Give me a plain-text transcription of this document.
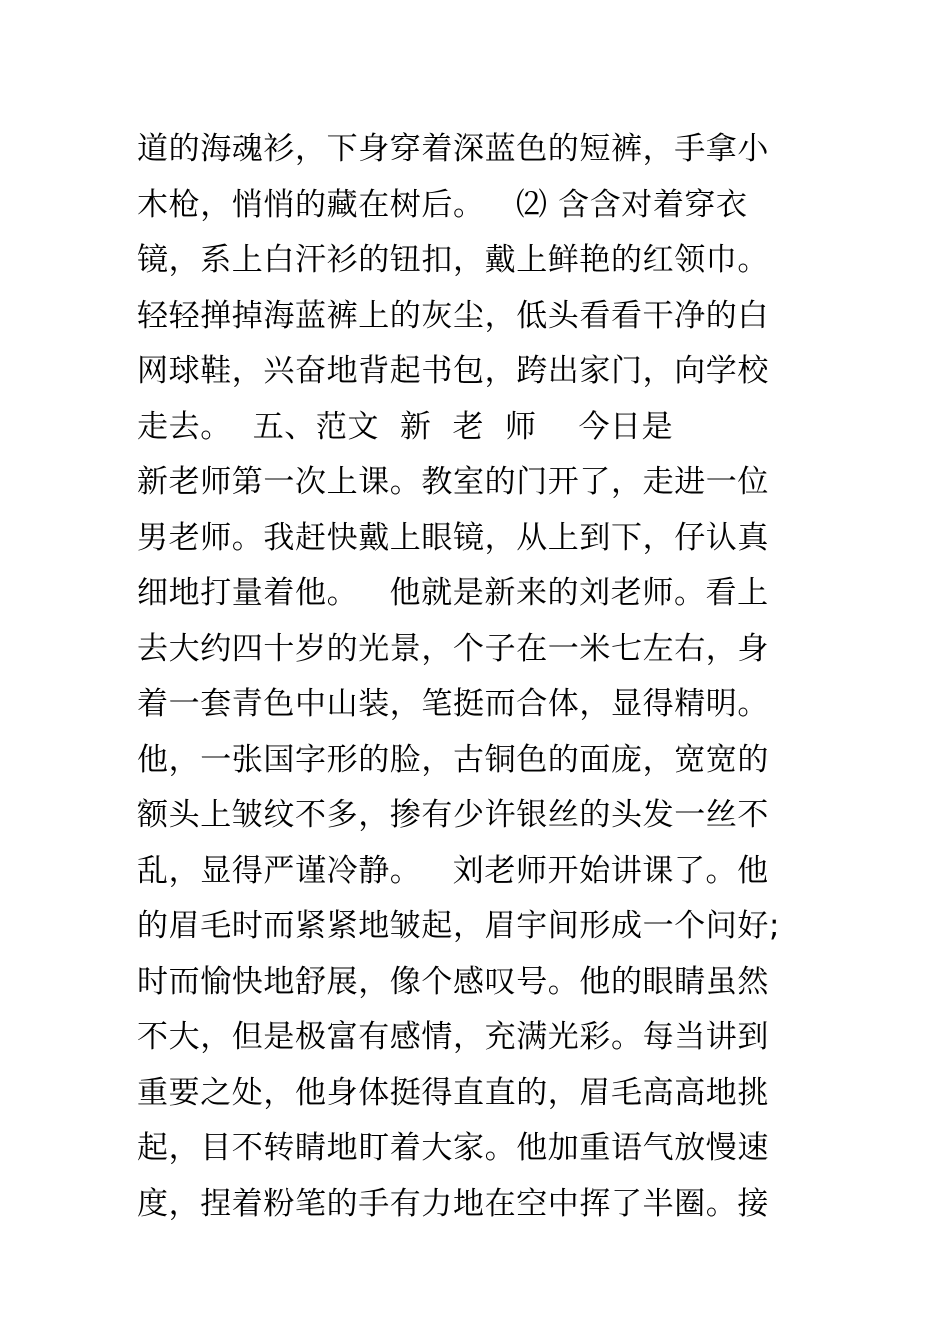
道的海魂衫，下身穿着深蓝色的短裤，手拿小
木枪，悄悄的藏在树后。   ⑵ 含含对着穿衣
镜，系上白汗衫的钮扣，戴上鲜艳的红领巾。
轻轻掸掉海蓝裤上的灰尘，低头看看干净的白
网球鞋，兴奋地背起书包，跨出家门，向学校
走去。  五、范文  新  老  师    今日是
新老师第一次上课。教室的门开了，走进一位
男老师。我赶快戴上眼镜，从上到下，仔认真
细地打量着他。   他就是新来的刘老师。看上
去大约四十岁的光景，个子在一米七左右，身
着一套青色中山装，笔挺而合体，显得精明。
他，一张国字形的脸，古铜色的面庞，宽宽的
额头上皱纹不多，掺有少许银丝的头发一丝不
乱，显得严谨冷静。   刘老师开始讲课了。他
的眉毛时而紧紧地皱起，眉宇间形成一个问好;
时而愉快地舒展，像个感叹号。他的眼睛虽然
不大，但是极富有感情，充满光彩。每当讲到
重要之处，他身体挺得直直的，眉毛高高地挑
起，目不转睛地盯着大家。他加重语气放慢速
度，捏着粉笔的手有力地在空中挥了半圈。接
